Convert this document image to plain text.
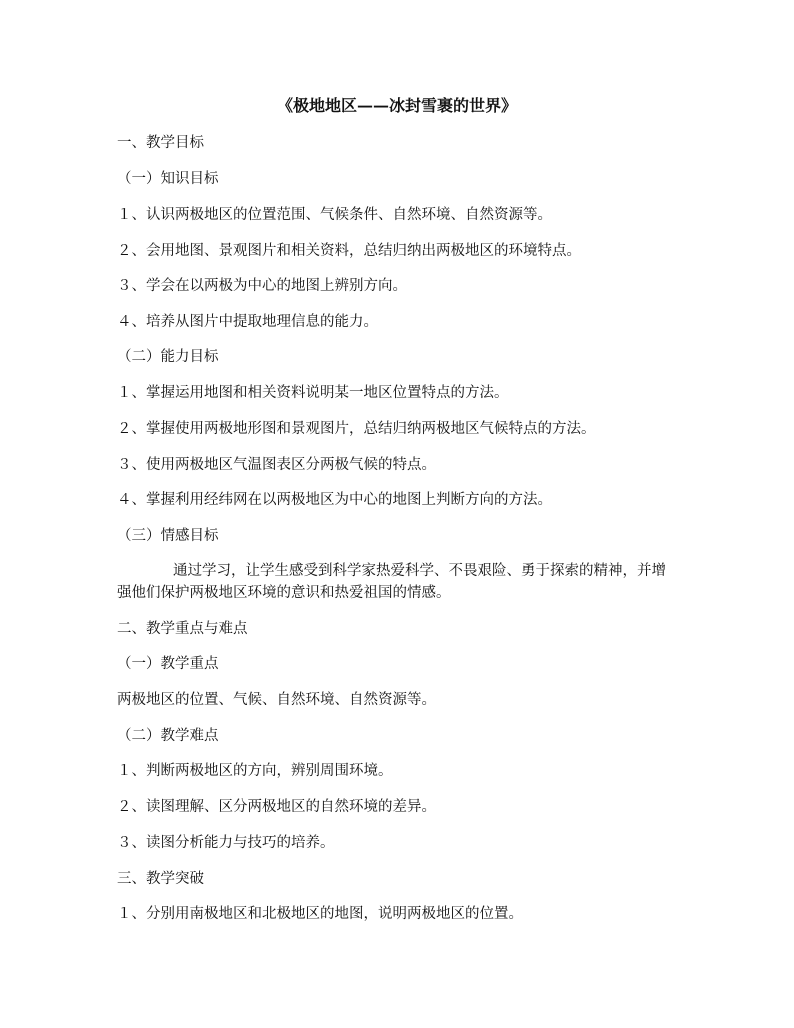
《极地地区——冰封雪裹的世界》
一、教学目标
（一）知识目标
１、认识两极地区的位置范围、气候条件、自然环境、自然资源等。
２、会用地图、景观图片和相关资料，总结归纳出两极地区的环境特点。
３、学会在以两极为中心的地图上辨别方向。
４、培养从图片中提取地理信息的能力。
（二）能力目标
１、掌握运用地图和相关资料说明某一地区位置特点的方法。
２、掌握使用两极地形图和景观图片，总结归纳两极地区气候特点的方法。
３、使用两极地区气温图表区分两极气候的特点。
４、掌握利用经纬网在以两极地区为中心的地图上判断方向的方法。
（三）情感目标
通过学习，让学生感受到科学家热爱科学、不畏艰险、勇于探索的精神，并增强他们保护两极地区环境的意识和热爱祖国的情感。
二、教学重点与难点
（一）教学重点
两极地区的位置、气候、自然环境、自然资源等。
（二）教学难点
１、判断两极地区的方向，辨别周围环境。
２、读图理解、区分两极地区的自然环境的差异。
３、读图分析能力与技巧的培养。
三、教学突破
１、分别用南极地区和北极地区的地图，说明两极地区的位置。
